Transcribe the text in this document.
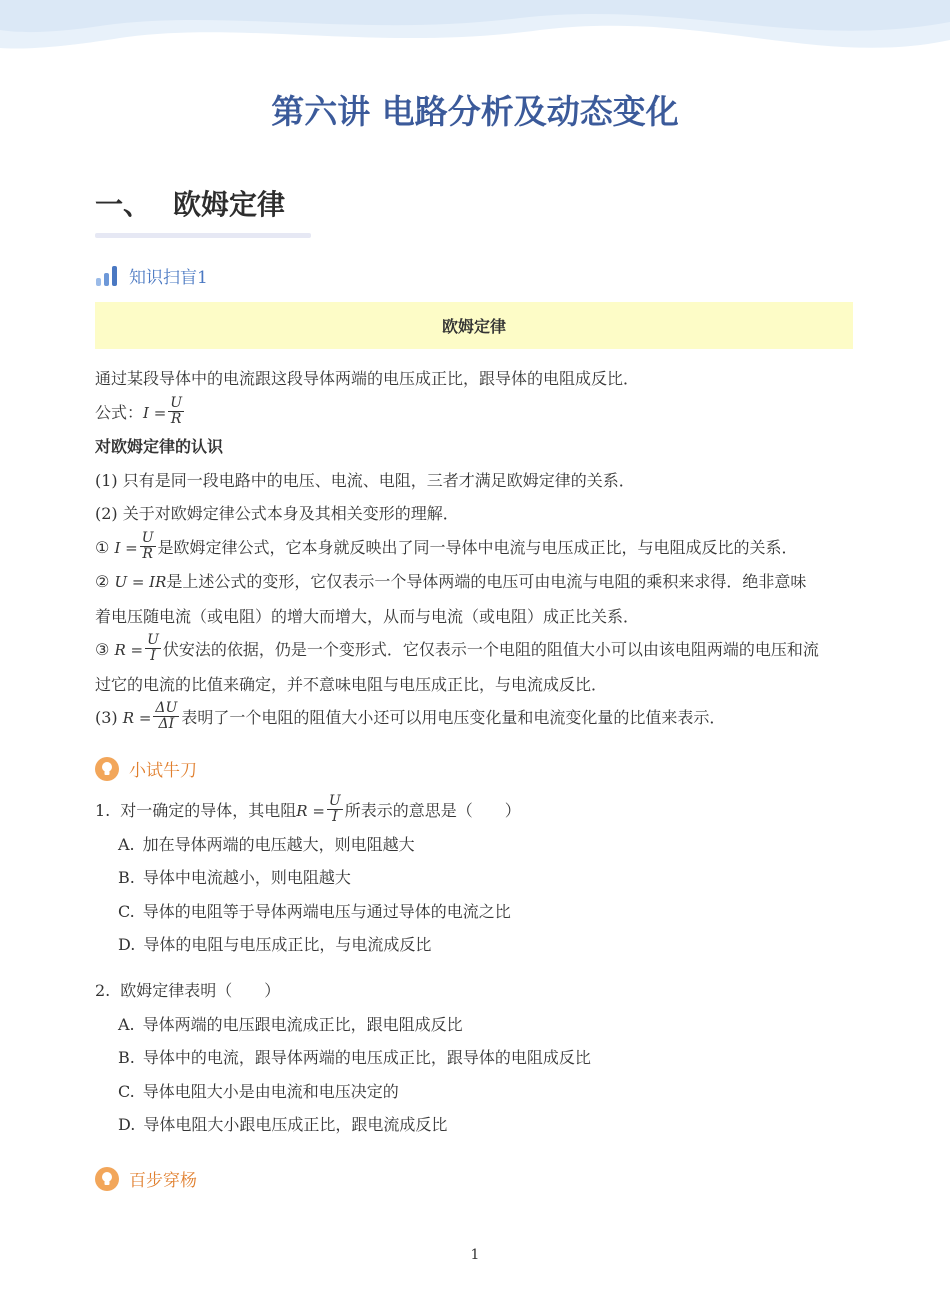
第六讲 电路分析及动态变化
一、 欧姆定律
知识扫盲1
欧姆定律

通过某段导体中的电流跟这段导体两端的电压成正比，跟导体的电阻成反比．

公式：$I = \frac{U}{R}$

对欧姆定律的认识

(1) 只有是同一段电路中的电压、电流、电阻，三者才满足欧姆定律的关系．

(2) 关于对欧姆定律公式本身及其相关变形的理解．

① $I = \frac{U}{R}$ 是欧姆定律公式，它本身就反映出了同一导体中电流与电压成正比，与电阻成反比的关系．

② U = IR是上述公式的变形，它仅表示一个导体两端的电压可由电流与电阻的乘积来求得．绝非意味

着电压随电流（或电阻）的增大而增大，从而与电流（或电阻）成正比关系．

③ $R = \frac{U}{I}$ 伏安法的依据，仍是一个变形式．它仅表示一个电阻的阻值大小可以由该电阻两端的电压和流

过它的电流的比值来确定，并不意味电阻与电压成正比，与电流成反比．

(3) $R = \frac{\Delta U}{\Delta I}$ 表明了一个电阻的阻值大小还可以用电压变化量和电流变化量的比值来表示．

小试牛刀
1. 对一确定的导体，其电阻$R = \frac{U}{I}$ 所表示的意思是（　　）
A. 加在导体两端的电压越大，则电阻越大
B. 导体中电流越小，则电阻越大
C. 导体的电阻等于导体两端电压与通过导体的电流之比
D. 导体的电阻与电压成正比，与电流成反比
2. 欧姆定律表明（　　）
A. 导体两端的电压跟电流成正比，跟电阻成反比
B. 导体中的电流，跟导体两端的电压成正比，跟导体的电阻成反比
C. 导体电阻大小是由电流和电压决定的
D. 导体电阻大小跟电压成正比，跟电流成反比
百步穿杨
1
